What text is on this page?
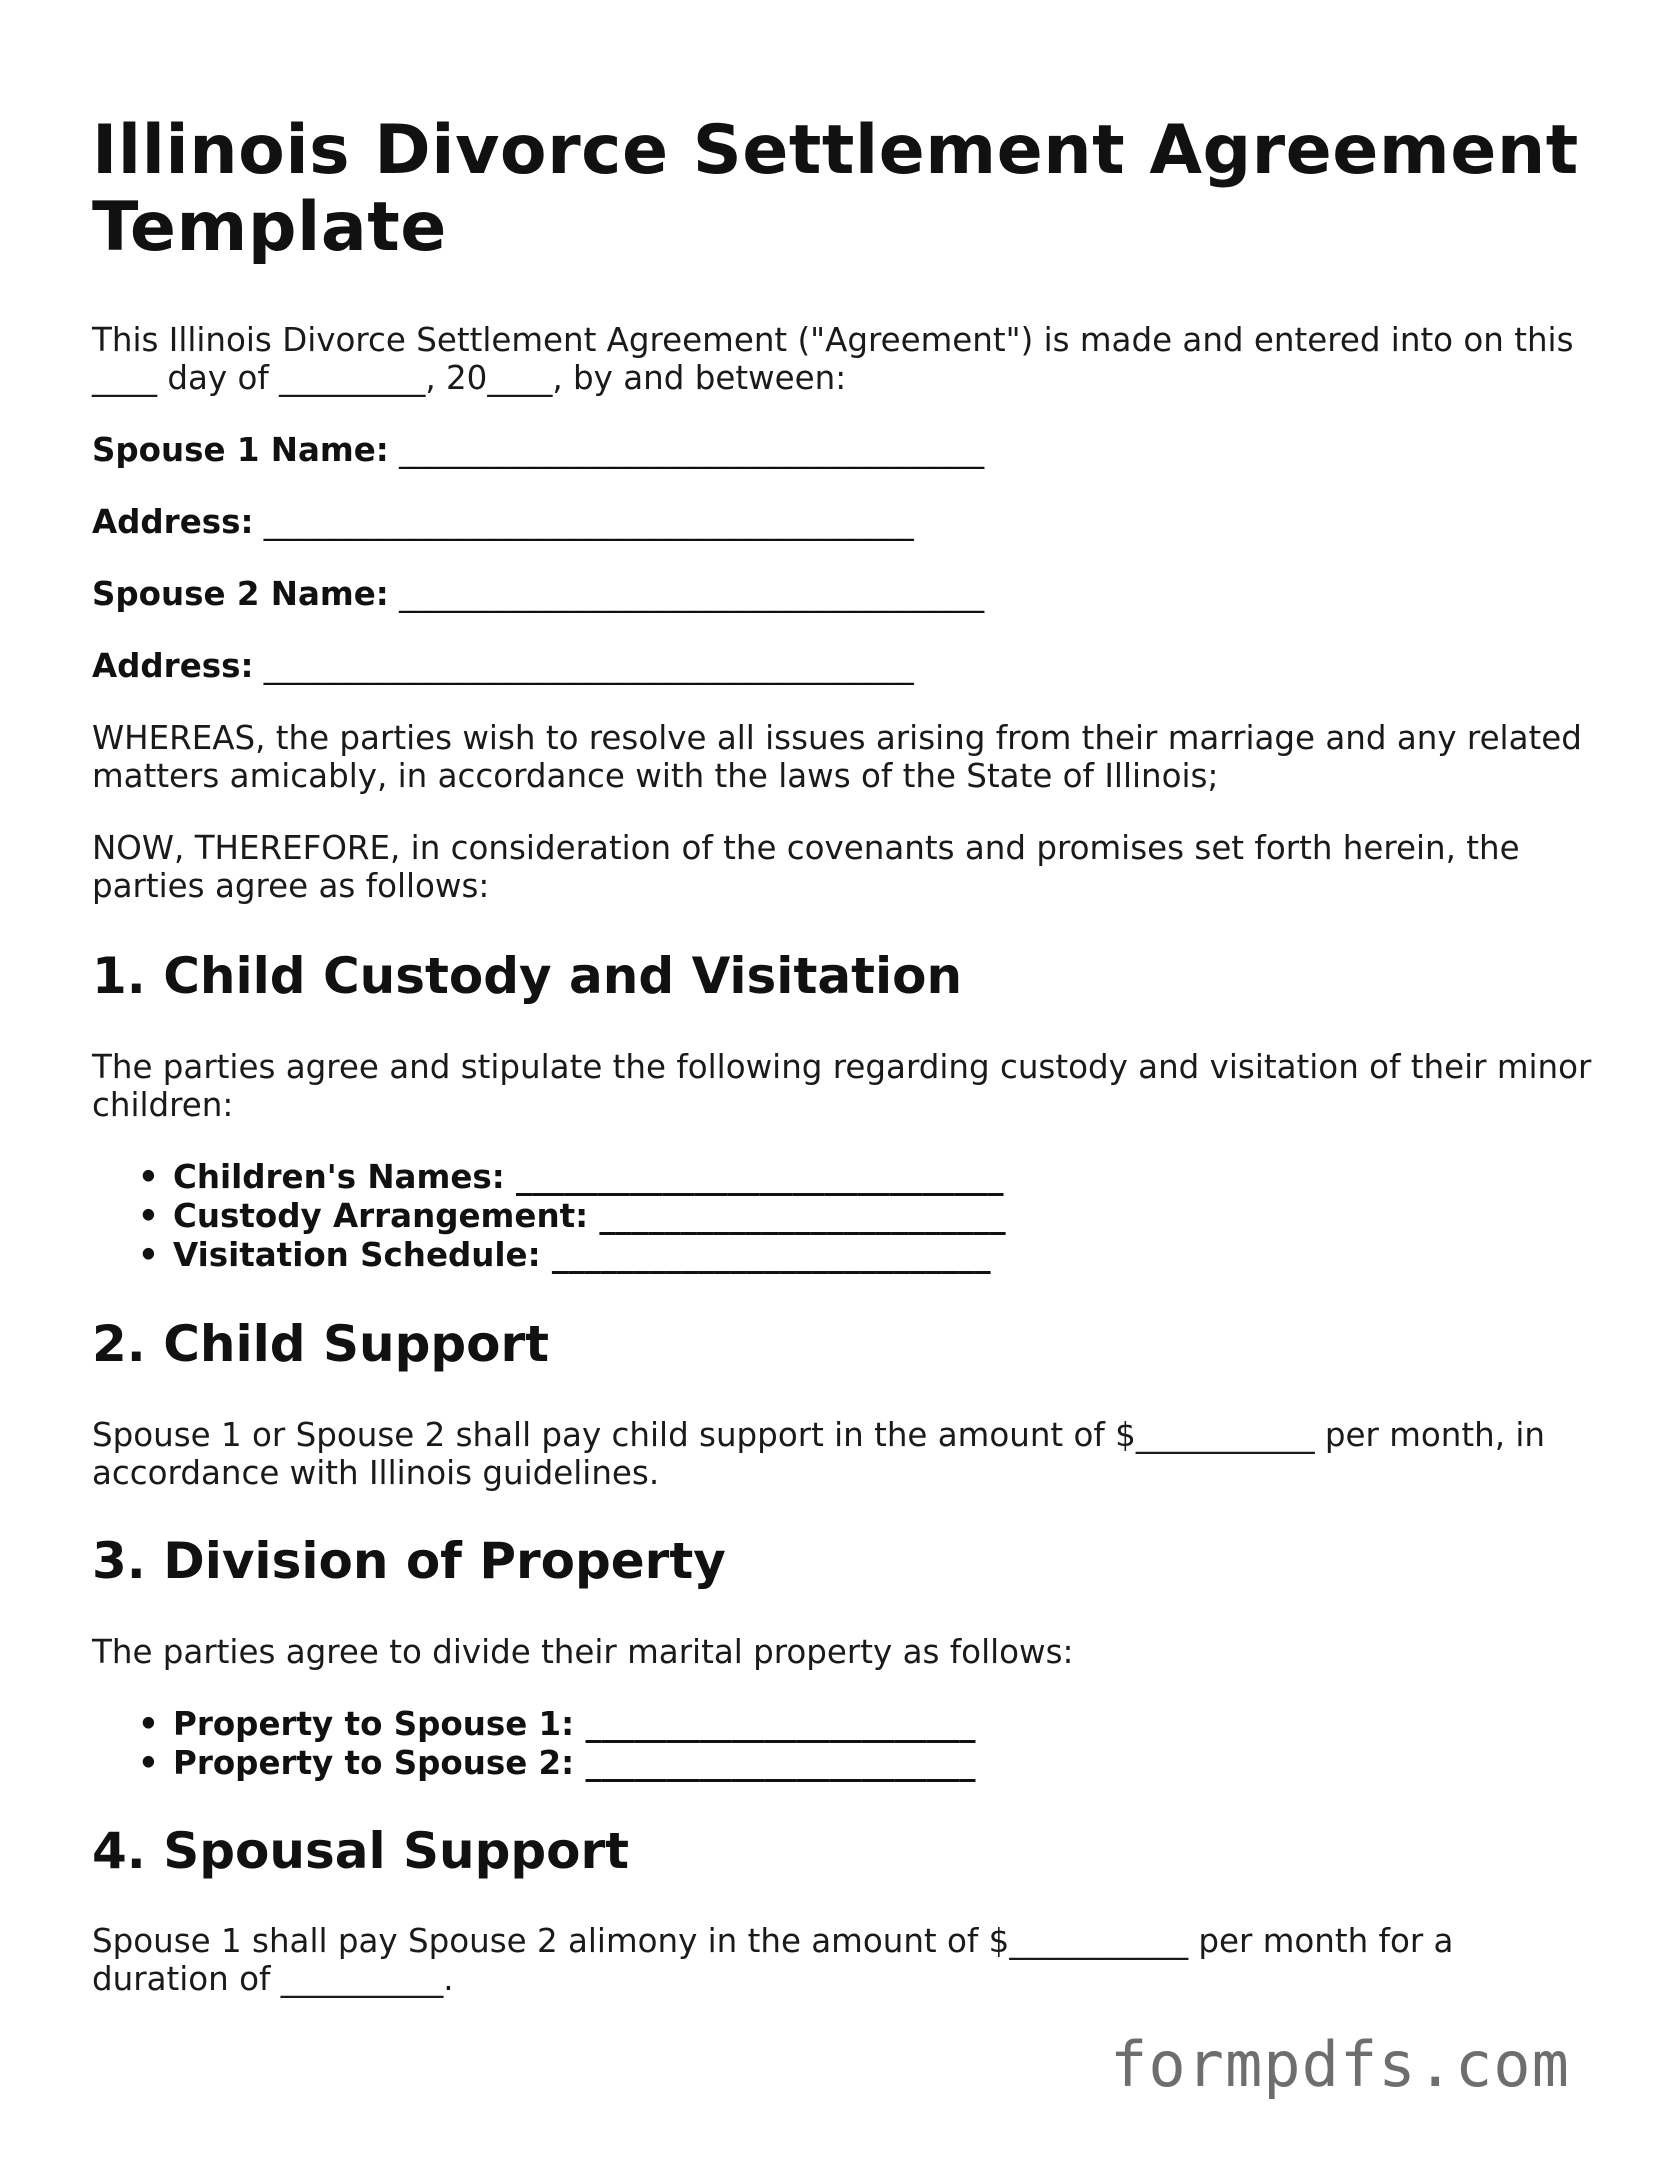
Illinois Divorce Settlement Agreement Template

This Illinois Divorce Settlement Agreement ("Agreement") is made and entered into on this ____ day of _________, 20____, by and between:

Spouse 1 Name: ____________________________________

Address: ________________________________________

Spouse 2 Name: ____________________________________

Address: ________________________________________

WHEREAS, the parties wish to resolve all issues arising from their marriage and any related matters amicably, in accordance with the laws of the State of Illinois;

NOW, THEREFORE, in consideration of the covenants and promises set forth herein, the parties agree as follows:

1. Child Custody and Visitation

The parties agree and stipulate the following regarding custody and visitation of their minor children:

• Children's Names: ______________________________
• Custody Arrangement: _________________________
• Visitation Schedule: ___________________________
2. Child Support

Spouse 1 or Spouse 2 shall pay child support in the amount of $___________ per month, in accordance with Illinois guidelines.

3. Division of Property

The parties agree to divide their marital property as follows:

• Property to Spouse 1: ________________________
• Property to Spouse 2: ________________________
4. Spousal Support

Spouse 1 shall pay Spouse 2 alimony in the amount of $___________ per month for a duration of __________.

formpdfs.com
